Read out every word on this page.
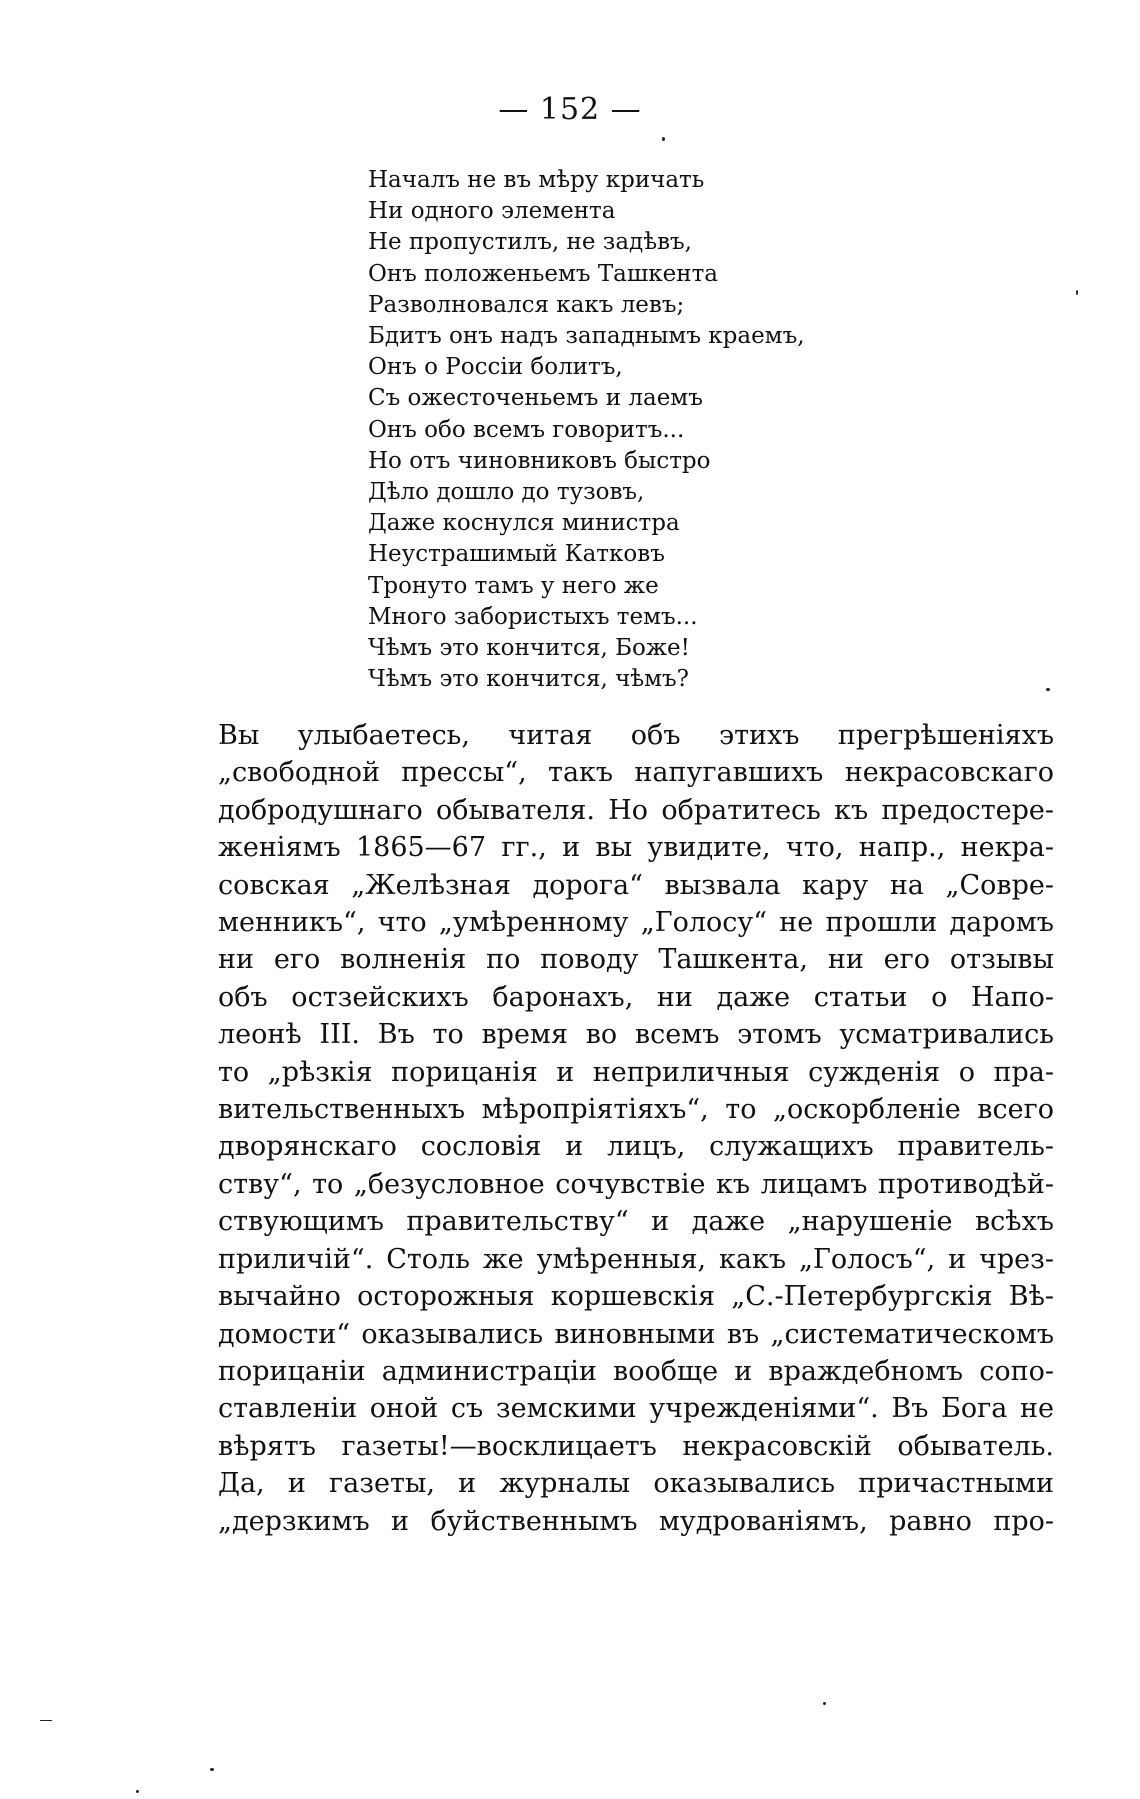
— 152 —
Началъ не въ мѣру кричать
Ни одного элемента
Не пропустилъ, не задѣвъ,
Онъ положеньемъ Ташкента
Разволновался какъ левъ;
Бдитъ онъ надъ западнымъ краемъ,
Онъ о Россіи болитъ,
Съ ожесточеньемъ и лаемъ
Онъ обо всемъ говоритъ...
Но отъ чиновниковъ быстро
Дѣло дошло до тузовъ,
Даже коснулся министра
Неустрашимый Катковъ
Тронуто тамъ у него же
Много забористыхъ темъ...
Чѣмъ это кончится, Боже!
Чѣмъ это кончится, чѣмъ?
Вы улыбаетесь, читая объ этихъ прегрѣшеніяхъ
„свободной прессы“, такъ напугавшихъ некрасовскаго
добродушнаго обывателя. Но обратитесь къ предостере-
женіямъ 1865—67 гг., и вы увидите, что, напр., некра-
совская „Желѣзная дорога“ вызвала кару на „Совре-
менникъ“, что „умѣренному „Голосу“ не прошли даромъ
ни его волненія по поводу Ташкента, ни его отзывы
объ остзейскихъ баронахъ, ни даже статьи о Напо-
леонѣ III. Въ то время во всемъ этомъ усматривались
то „рѣзкія порицанія и неприличныя сужденія о пра-
вительственныхъ мѣропріятіяхъ“, то „оскорбленіе всего
дворянскаго сословія и лицъ, служащихъ правитель-
ству“, то „безусловное сочувствіе къ лицамъ противодѣй-
ствующимъ правительству“ и даже „нарушеніе всѣхъ
приличій“. Столь же умѣренныя, какъ „Голосъ“, и чрез-
вычайно осторожныя коршевскія „С.-Петербургскія Вѣ-
домости“ оказывались виновными въ „систематическомъ
порицаніи администраціи вообще и враждебномъ сопо-
ставленіи оной съ земскими учрежденіями“. Въ Бога не
вѣрятъ газеты!—восклицаетъ некрасовскій обыватель.
Да, и газеты, и журналы оказывались причастными
„дерзкимъ и буйственнымъ мудрованіямъ, равно про-
